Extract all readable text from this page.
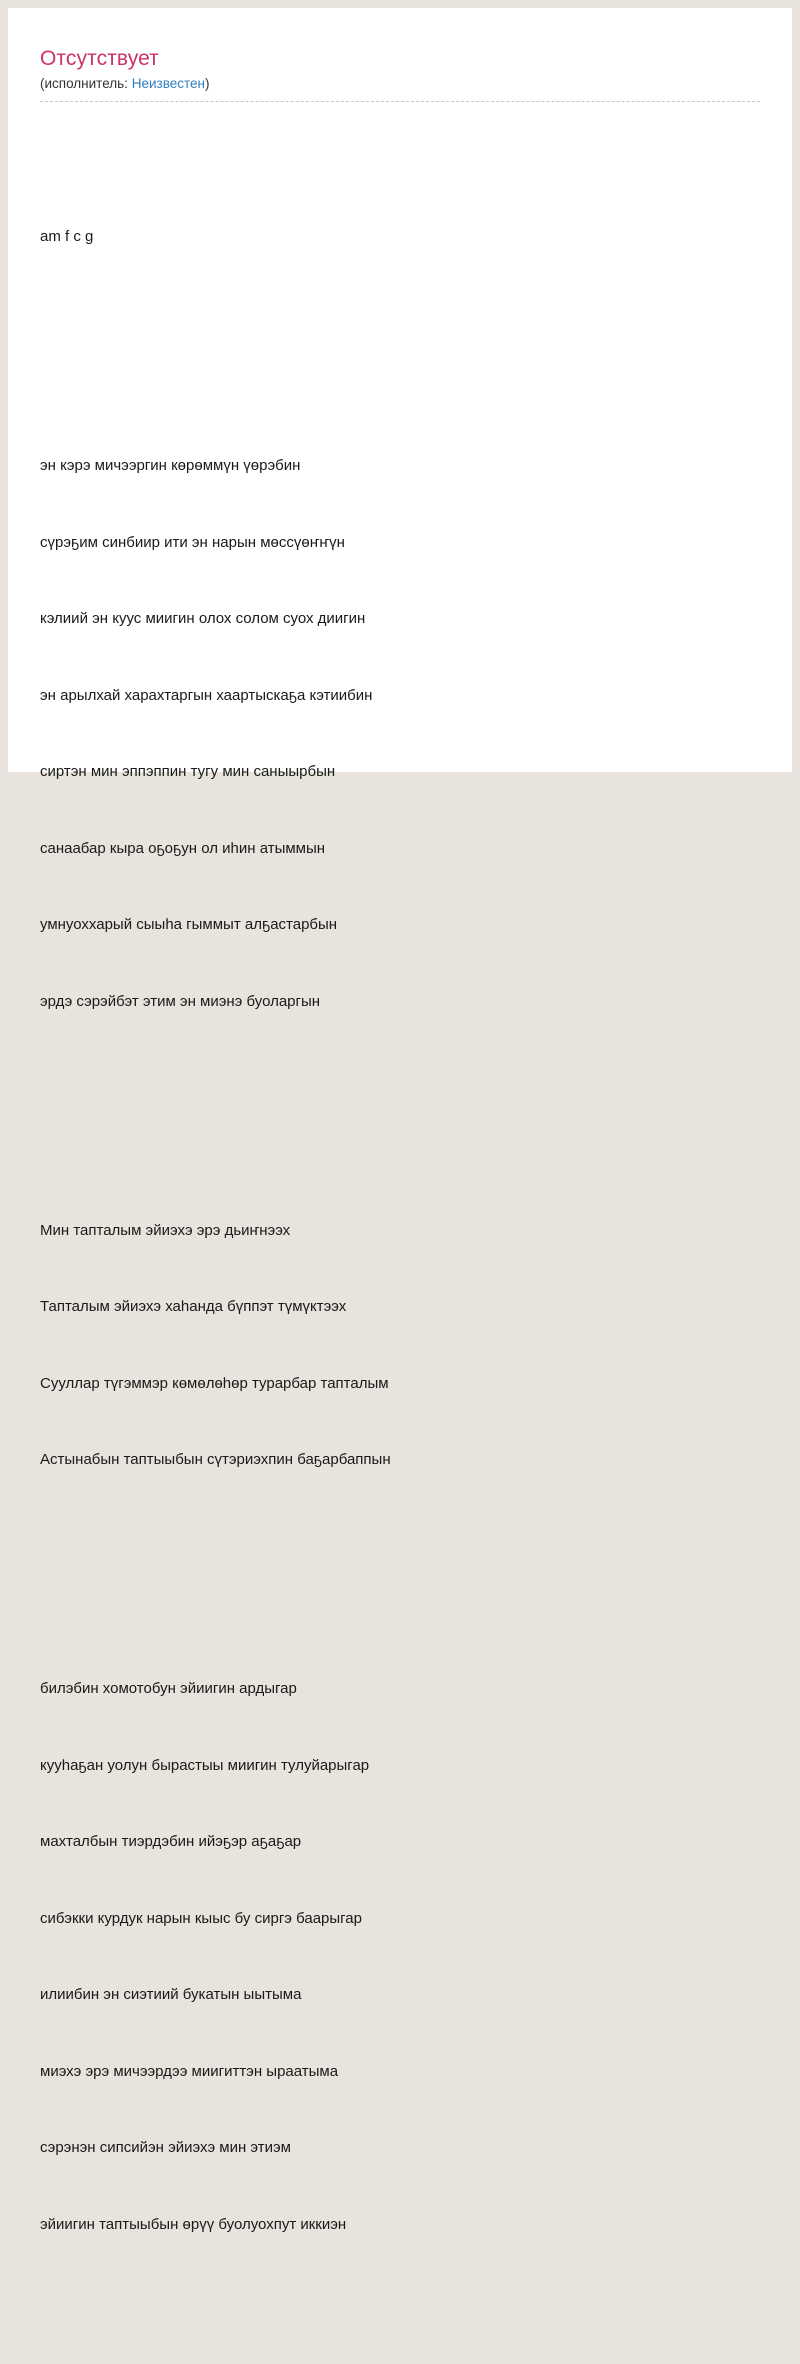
Отсутствует
(исполнитель: Неизвестен)

am f c g

эн кэрэ мичээргин көрөммүн үөрэбин

сүрэҕим синбиир ити эн нарын мөссүөҥҥүн

кэлиий эн куус миигин олох солом суох диигин

эн арылхай харахтаргын хаартыскаҕа кэтиибин

сиртэн мин эппэппин тугу мин саныырбын

санаабар кыра оҕоҕун ол иһин атыммын

умнуоххарый сыыһа гыммыт алҕастарбын

эрдэ сэрэйбэт этим эн миэнэ буоларгын

Мин тапталым эйиэхэ эрэ дьиҥнээх

Тапталым эйиэхэ хаһанда бүппэт түмүктээх

Сууллар түгэммэр көмөлөһөр турарбар тапталым

Астынабын таптыыбын сүтэриэхпин баҕарбаппын

билэбин хомотобун эйиигин ардыгар

кууһаҕан уолун бырастыы миигин тулуйарыгар

махталбын тиэрдэбин ийэҕэр аҕаҕар

сибэкки курдук нарын кыыс бу сиргэ баарыгар

илиибин эн сиэтиий букатын ыытыма

миэхэ эрэ мичээрдээ миигиттэн ыраатыма

сэрэнэн сипсийэн эйиэхэ мин этиэм

эйиигин таптыыбын өрүү буолуохпут иккиэн
